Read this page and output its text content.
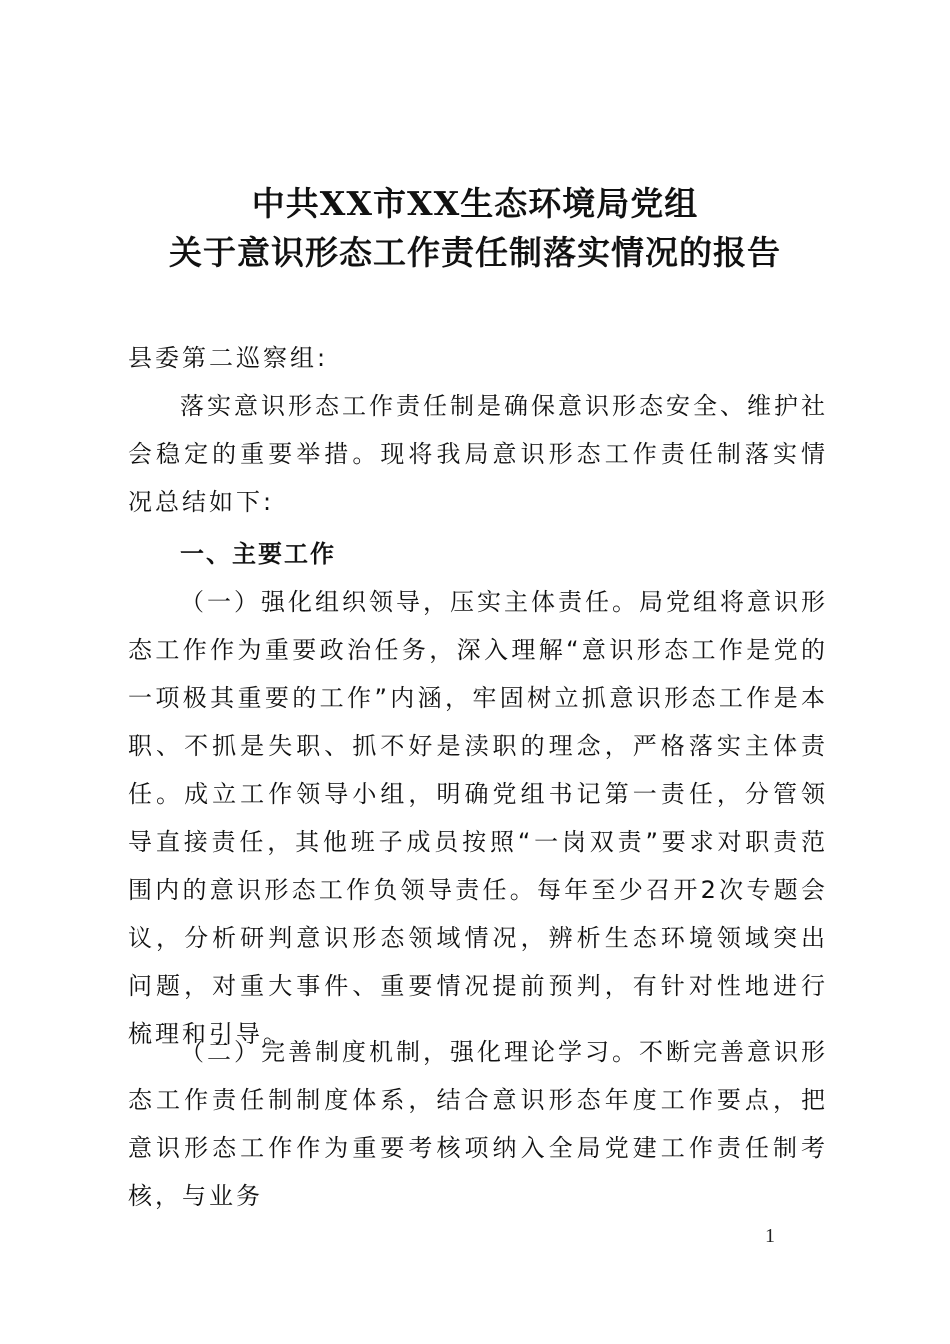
中共XX市XX生态环境局党组
关于意识形态工作责任制落实情况的报告
县委第二巡察组:
落实意识形态工作责任制是确保意识形态安全、维护社会稳定的重要举措。现将我局意识形态工作责任制落实情况总结如下:
一、主要工作
（一）强化组织领导，压实主体责任。局党组将意识形态工作作为重要政治任务，深入理解“意识形态工作是党的一项极其重要的工作”内涵，牢固树立抓意识形态工作是本职、不抓是失职、抓不好是渎职的理念，严格落实主体责任。成立工作领导小组，明确党组书记第一责任，分管领导直接责任，其他班子成员按照“一岗双责”要求对职责范围内的意识形态工作负领导责任。每年至少召开2次专题会议，分析研判意识形态领域情况，辨析生态环境领域突出问题，对重大事件、重要情况提前预判，有针对性地进行梳理和引导。
（二）完善制度机制，强化理论学习。不断完善意识形态工作责任制制度体系，结合意识形态年度工作要点，把意识形态工作作为重要考核项纳入全局党建工作责任制考核，与业务
1
